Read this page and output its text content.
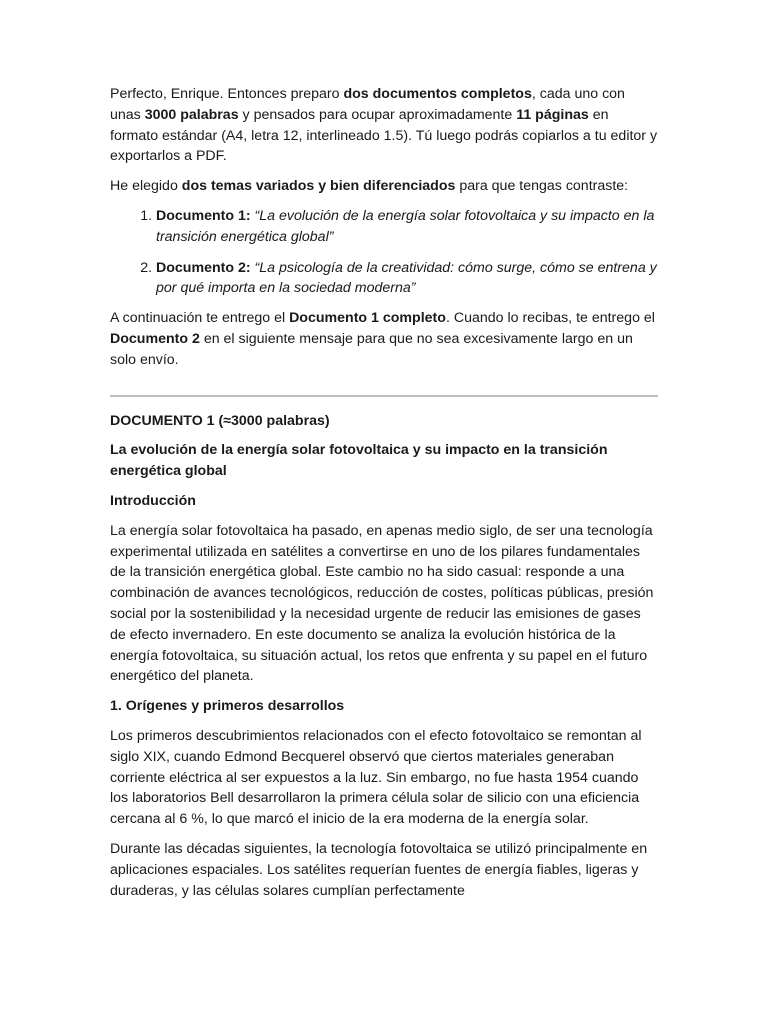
Perfecto, Enrique. Entonces preparo dos documentos completos, cada uno con unas 3000 palabras y pensados para ocupar aproximadamente 11 páginas en formato estándar (A4, letra 12, interlineado 1.5). Tú luego podrás copiarlos a tu editor y exportarlos a PDF.

He elegido dos temas variados y bien diferenciados para que tengas contraste:

1. Documento 1: “La evolución de la energía solar fotovoltaica y su impacto en la transición energética global”
2. Documento 2: “La psicología de la creatividad: cómo surge, cómo se entrena y por qué importa en la sociedad moderna”

A continuación te entrego el Documento 1 completo. Cuando lo recibas, te entrego el Documento 2 en el siguiente mensaje para que no sea excesivamente largo en un solo envío.

DOCUMENTO 1 (≈3000 palabras)

La evolución de la energía solar fotovoltaica y su impacto en la transición energética global

Introducción

La energía solar fotovoltaica ha pasado, en apenas medio siglo, de ser una tecnología experimental utilizada en satélites a convertirse en uno de los pilares fundamentales de la transición energética global. Este cambio no ha sido casual: responde a una combinación de avances tecnológicos, reducción de costes, políticas públicas, presión social por la sostenibilidad y la necesidad urgente de reducir las emisiones de gases de efecto invernadero. En este documento se analiza la evolución histórica de la energía fotovoltaica, su situación actual, los retos que enfrenta y su papel en el futuro energético del planeta.

1. Orígenes y primeros desarrollos

Los primeros descubrimientos relacionados con el efecto fotovoltaico se remontan al siglo XIX, cuando Edmond Becquerel observó que ciertos materiales generaban corriente eléctrica al ser expuestos a la luz. Sin embargo, no fue hasta 1954 cuando los laboratorios Bell desarrollaron la primera célula solar de silicio con una eficiencia cercana al 6 %, lo que marcó el inicio de la era moderna de la energía solar.

Durante las décadas siguientes, la tecnología fotovoltaica se utilizó principalmente en aplicaciones espaciales. Los satélites requerían fuentes de energía fiables, ligeras y duraderas, y las células solares cumplían perfectamente
